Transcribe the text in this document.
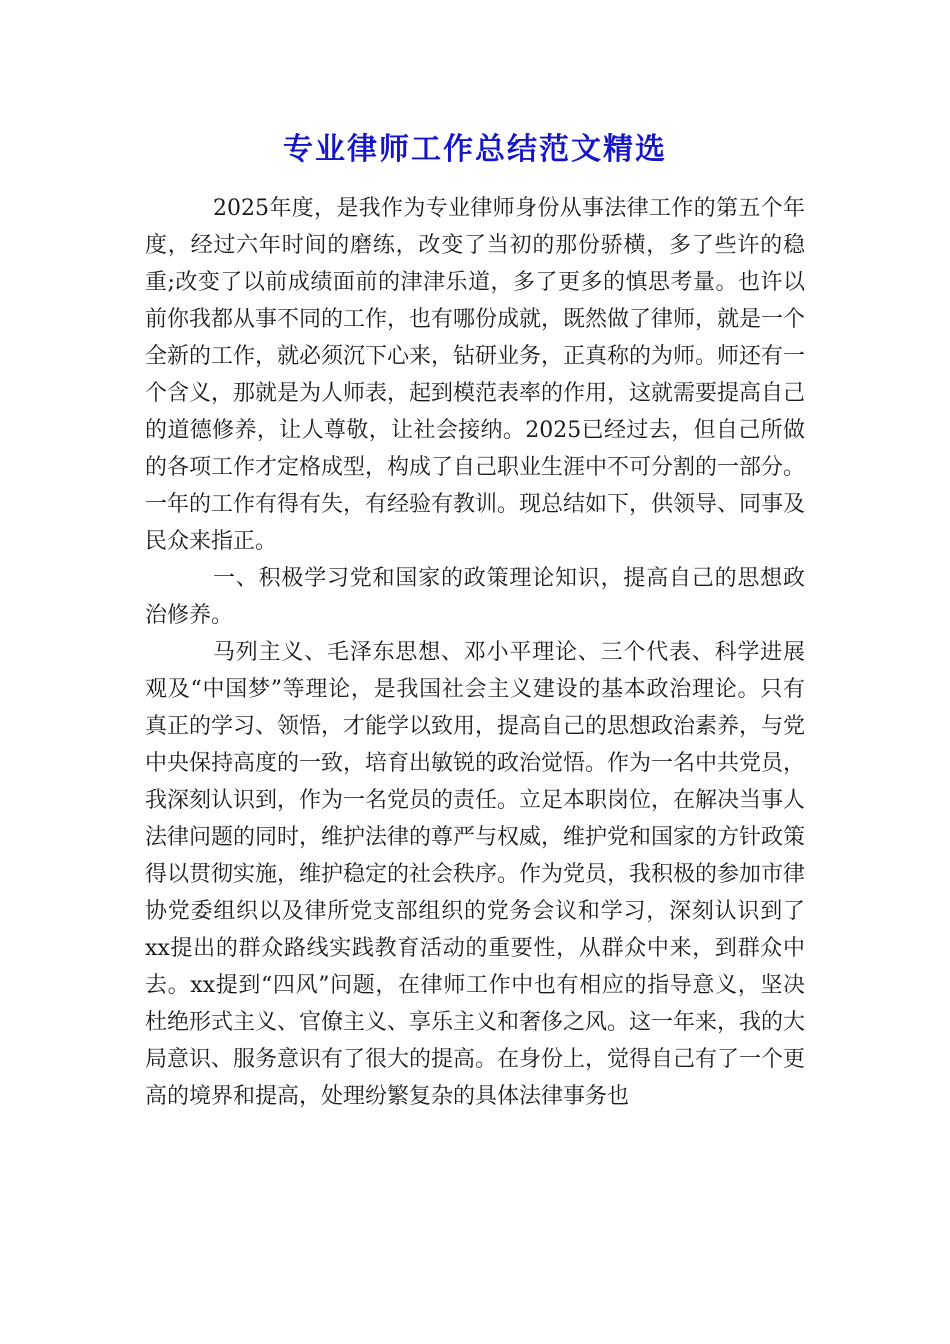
专业律师工作总结范文精选

2025年度，是我作为专业律师身份从事法律工作的第五个年度，经过六年时间的磨练，改变了当初的那份骄横，多了些许的稳重;改变了以前成绩面前的津津乐道，多了更多的慎思考量。也许以前你我都从事不同的工作，也有哪份成就，既然做了律师，就是一个全新的工作，就必须沉下心来，钻研业务，正真称的为师。师还有一个含义，那就是为人师表，起到模范表率的作用，这就需要提高自己的道德修养，让人尊敬，让社会接纳。2025已经过去，但自己所做的各项工作才定格成型，构成了自己职业生涯中不可分割的一部分。一年的工作有得有失，有经验有教训。现总结如下，供领导、同事及民众来指正。

一、积极学习党和国家的政策理论知识，提高自己的思想政治修养。

马列主义、毛泽东思想、邓小平理论、三个代表、科学进展观及“中国梦”等理论，是我国社会主义建设的基本政治理论。只有真正的学习、领悟，才能学以致用，提高自己的思想政治素养，与党中央保持高度的一致，培育出敏锐的政治觉悟。作为一名中共党员，我深刻认识到，作为一名党员的责任。立足本职岗位，在解决当事人法律问题的同时，维护法律的尊严与权威，维护党和国家的方针政策得以贯彻实施，维护稳定的社会秩序。作为党员，我积极的参加市律协党委组织以及律所党支部组织的党务会议和学习，深刻认识到了xx提出的群众路线实践教育活动的重要性，从群众中来，到群众中去。xx提到“四风”问题，在律师工作中也有相应的指导意义，坚决杜绝形式主义、官僚主义、享乐主义和奢侈之风。这一年来，我的大局意识、服务意识有了很大的提高。在身份上，觉得自己有了一个更高的境界和提高，处理纷繁复杂的具体法律事务也
